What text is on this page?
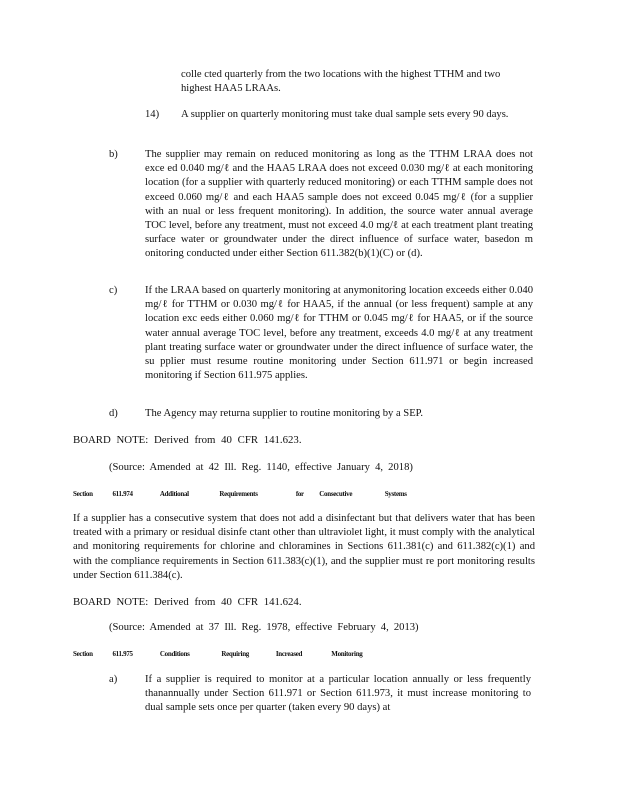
colle cted quarterly from the two locations with the highest TTHM and two
highest HAA5 LRAAs.
14) A supplier on quarterly monitoring must take dual sample sets every 90 days.
b)	The supplier may remain on reduced monitoring as long as the TTHM LRAA does not exce ed 0.040 mg/ℓ and the HAA5 LRAA does not exceed 0.030 mg/ℓ at each monitoring location (for a supplier with quarterly reduced monitoring) or each TTHM sample does not exceed 0.060 mg/ℓ and each HAA5 sample does not exceed 0.045 mg/ℓ (for a supplier with an nual or less frequent monitoring). In addition, the source water annual average TOC level, before any treatment, must not exceed 4.0 mg/ℓ at each treatment plant treating surface water or groundwater under the direct influence of surface water, basedon m onitoring conducted under either Section 611.382(b)(1)(C) or (d).
c)	If the LRAA based on quarterly monitoring at anymonitoring location exceeds either 0.040 mg/ℓ for TTHM or 0.030 mg/ℓ for HAA5, if the annual (or less frequent) sample at any location exc eeds either 0.060 mg/ℓ for TTHM or 0.045 mg/ℓ for HAA5, or if the source water annual average TOC level, before any treatment, exceeds 4.0 mg/ℓ at any treatment plant treating surface water or groundwater under the direct influence of surface water, the su pplier must resume routine monitoring under Section 611.971 or begin increased monitoring if Section 611.975 applies.
d)	The Agency may returna supplier to routine monitoring by a SEP.
BOARD NOTE: Derived from 40 CFR 141.623.
(Source: Amended at 42 Ill. Reg. 1140, effective January 4, 2018)
Section	611.974	Additional	Requirements	for Consecutive	Systems
If a supplier has a consecutive system that does not add a disinfectant but that delivers water that has been treated with a primary or residual disinfe ctant other than ultraviolet light, it must comply with the analytical and monitoring requirements for chlorine and chloramines in Sections 611.381(c) and 611.382(c)(1) and with the compliance requirements in Section 611.383(c)(1), and the supplier must re port monitoring results under Section 611.384(c).
BOARD NOTE: Derived from 40 CFR 141.624.
(Source: Amended at 37 Ill. Reg. 1978, effective February 4, 2013)
Section	611.975	Conditions	Requiring	Increased	Monitoring
a)	If a supplier is required to monitor at a particular location annually or less frequently thanannually under Section 611.971 or Section 611.973, it must increase monitoring to dual sample sets once per quarter (taken every 90 days) at
